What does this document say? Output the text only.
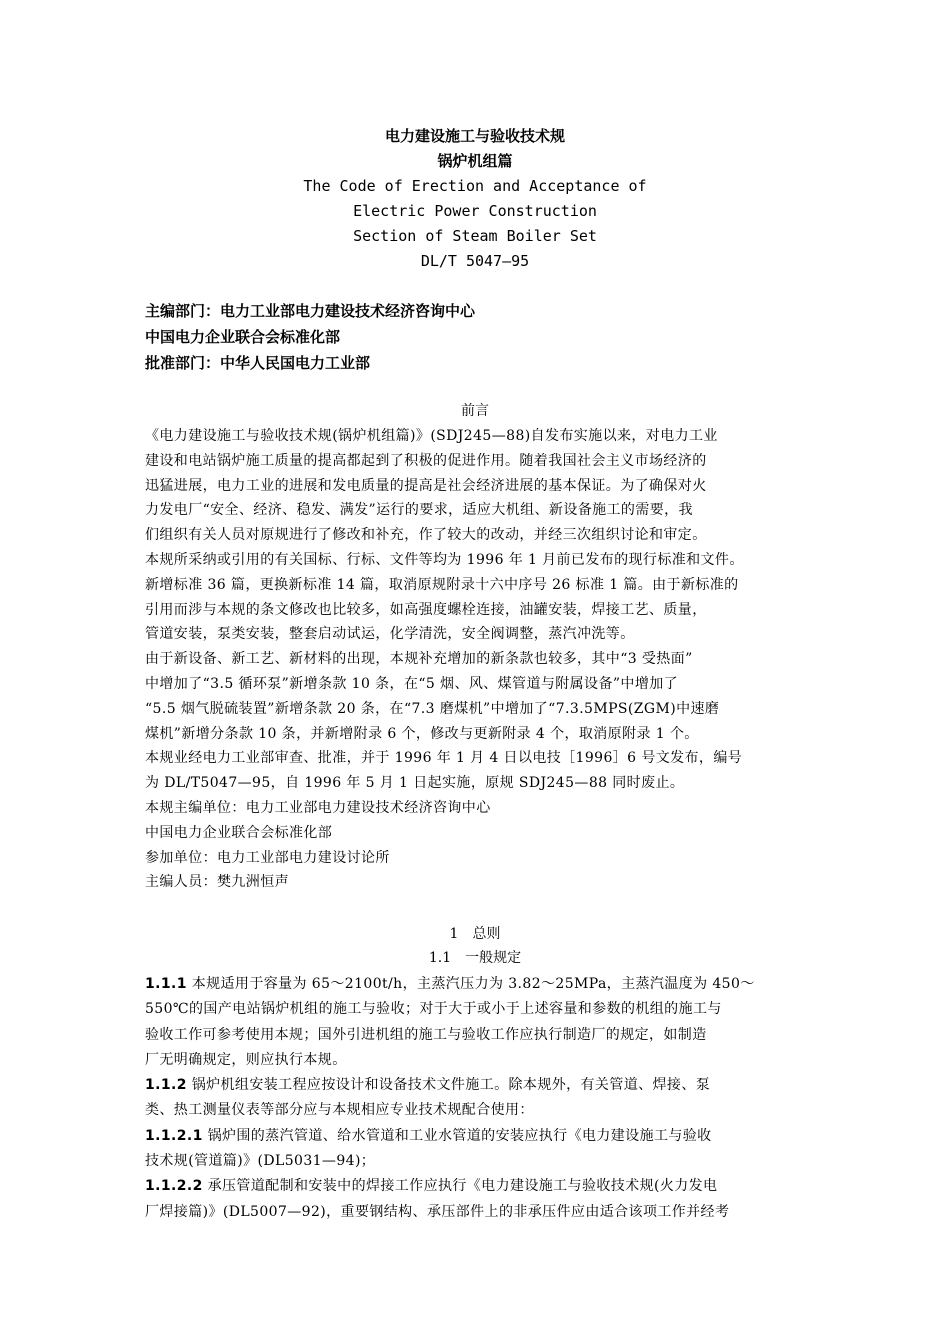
电力建设施工与验收技术规
锅炉机组篇
The Code of Erection and Acceptance of
Electric Power Construction
Section of Steam Boiler Set
DL/T 5047—95
主编部门：电力工业部电力建设技术经济咨询中心
中国电力企业联合会标准化部
批准部门：中华人民国电力工业部
前言
《电力建设施工与验收技术规(锅炉机组篇)》(SDJ245—88)自发布实施以来，对电力工业
建设和电站锅炉施工质量的提高都起到了积极的促进作用。随着我国社会主义市场经济的
迅猛进展，电力工业的进展和发电质量的提高是社会经济进展的基本保证。为了确保对火
力发电厂“安全、经济、稳发、满发”运行的要求，适应大机组、新设备施工的需要，我
们组织有关人员对原规进行了修改和补充，作了较大的改动，并经三次组织讨论和审定。
本规所采纳或引用的有关国标、行标、文件等均为 1996 年 1 月前已发布的现行标准和文件。
新增标准 36 篇，更换新标准 14 篇，取消原规附录十六中序号 26 标准 1 篇。由于新标准的
引用而涉与本规的条文修改也比较多，如高强度螺栓连接，油罐安装，焊接工艺、质量，
管道安装，泵类安装，整套启动试运，化学清洗，安全阀调整，蒸汽冲洗等。
由于新设备、新工艺、新材料的出现，本规补充增加的新条款也较多，其中“3 受热面”
中增加了“3.5 循环泵”新增条款 10 条，在“5 烟、风、煤管道与附属设备”中增加了
“5.5 烟气脱硫装置”新增条款 20 条，在“7.3 磨煤机”中增加了“7.3.5MPS(ZGM)中速磨
煤机”新增分条款 10 条，并新增附录 6 个，修改与更新附录 4 个，取消原附录 1 个。
本规业经电力工业部审查、批准，并于 1996 年 1 月 4 日以电技［1996］6 号文发布，编号
为 DL/T5047—95，自 1996 年 5 月 1 日起实施，原规 SDJ245—88 同时废止。
本规主编单位：电力工业部电力建设技术经济咨询中心
中国电力企业联合会标准化部
参加单位：电力工业部电力建设讨论所
主编人员：樊九洲恒声
1　总则
1.1　一般规定
1.1.1 本规适用于容量为 65～2100t/h，主蒸汽压力为 3.82～25MPa，主蒸汽温度为 450～
550℃的国产电站锅炉机组的施工与验收；对于大于或小于上述容量和参数的机组的施工与
验收工作可参考使用本规；国外引进机组的施工与验收工作应执行制造厂的规定，如制造
厂无明确规定，则应执行本规。
1.1.2 锅炉机组安装工程应按设计和设备技术文件施工。除本规外，有关管道、焊接、泵
类、热工测量仪表等部分应与本规相应专业技术规配合使用：
1.1.2.1 锅炉围的蒸汽管道、给水管道和工业水管道的安装应执行《电力建设施工与验收
技术规(管道篇)》(DL5031—94)；
1.1.2.2 承压管道配制和安装中的焊接工作应执行《电力建设施工与验收技术规(火力发电
厂焊接篇)》(DL5007—92)，重要钢结构、承压部件上的非承压件应由适合该项工作并经考
